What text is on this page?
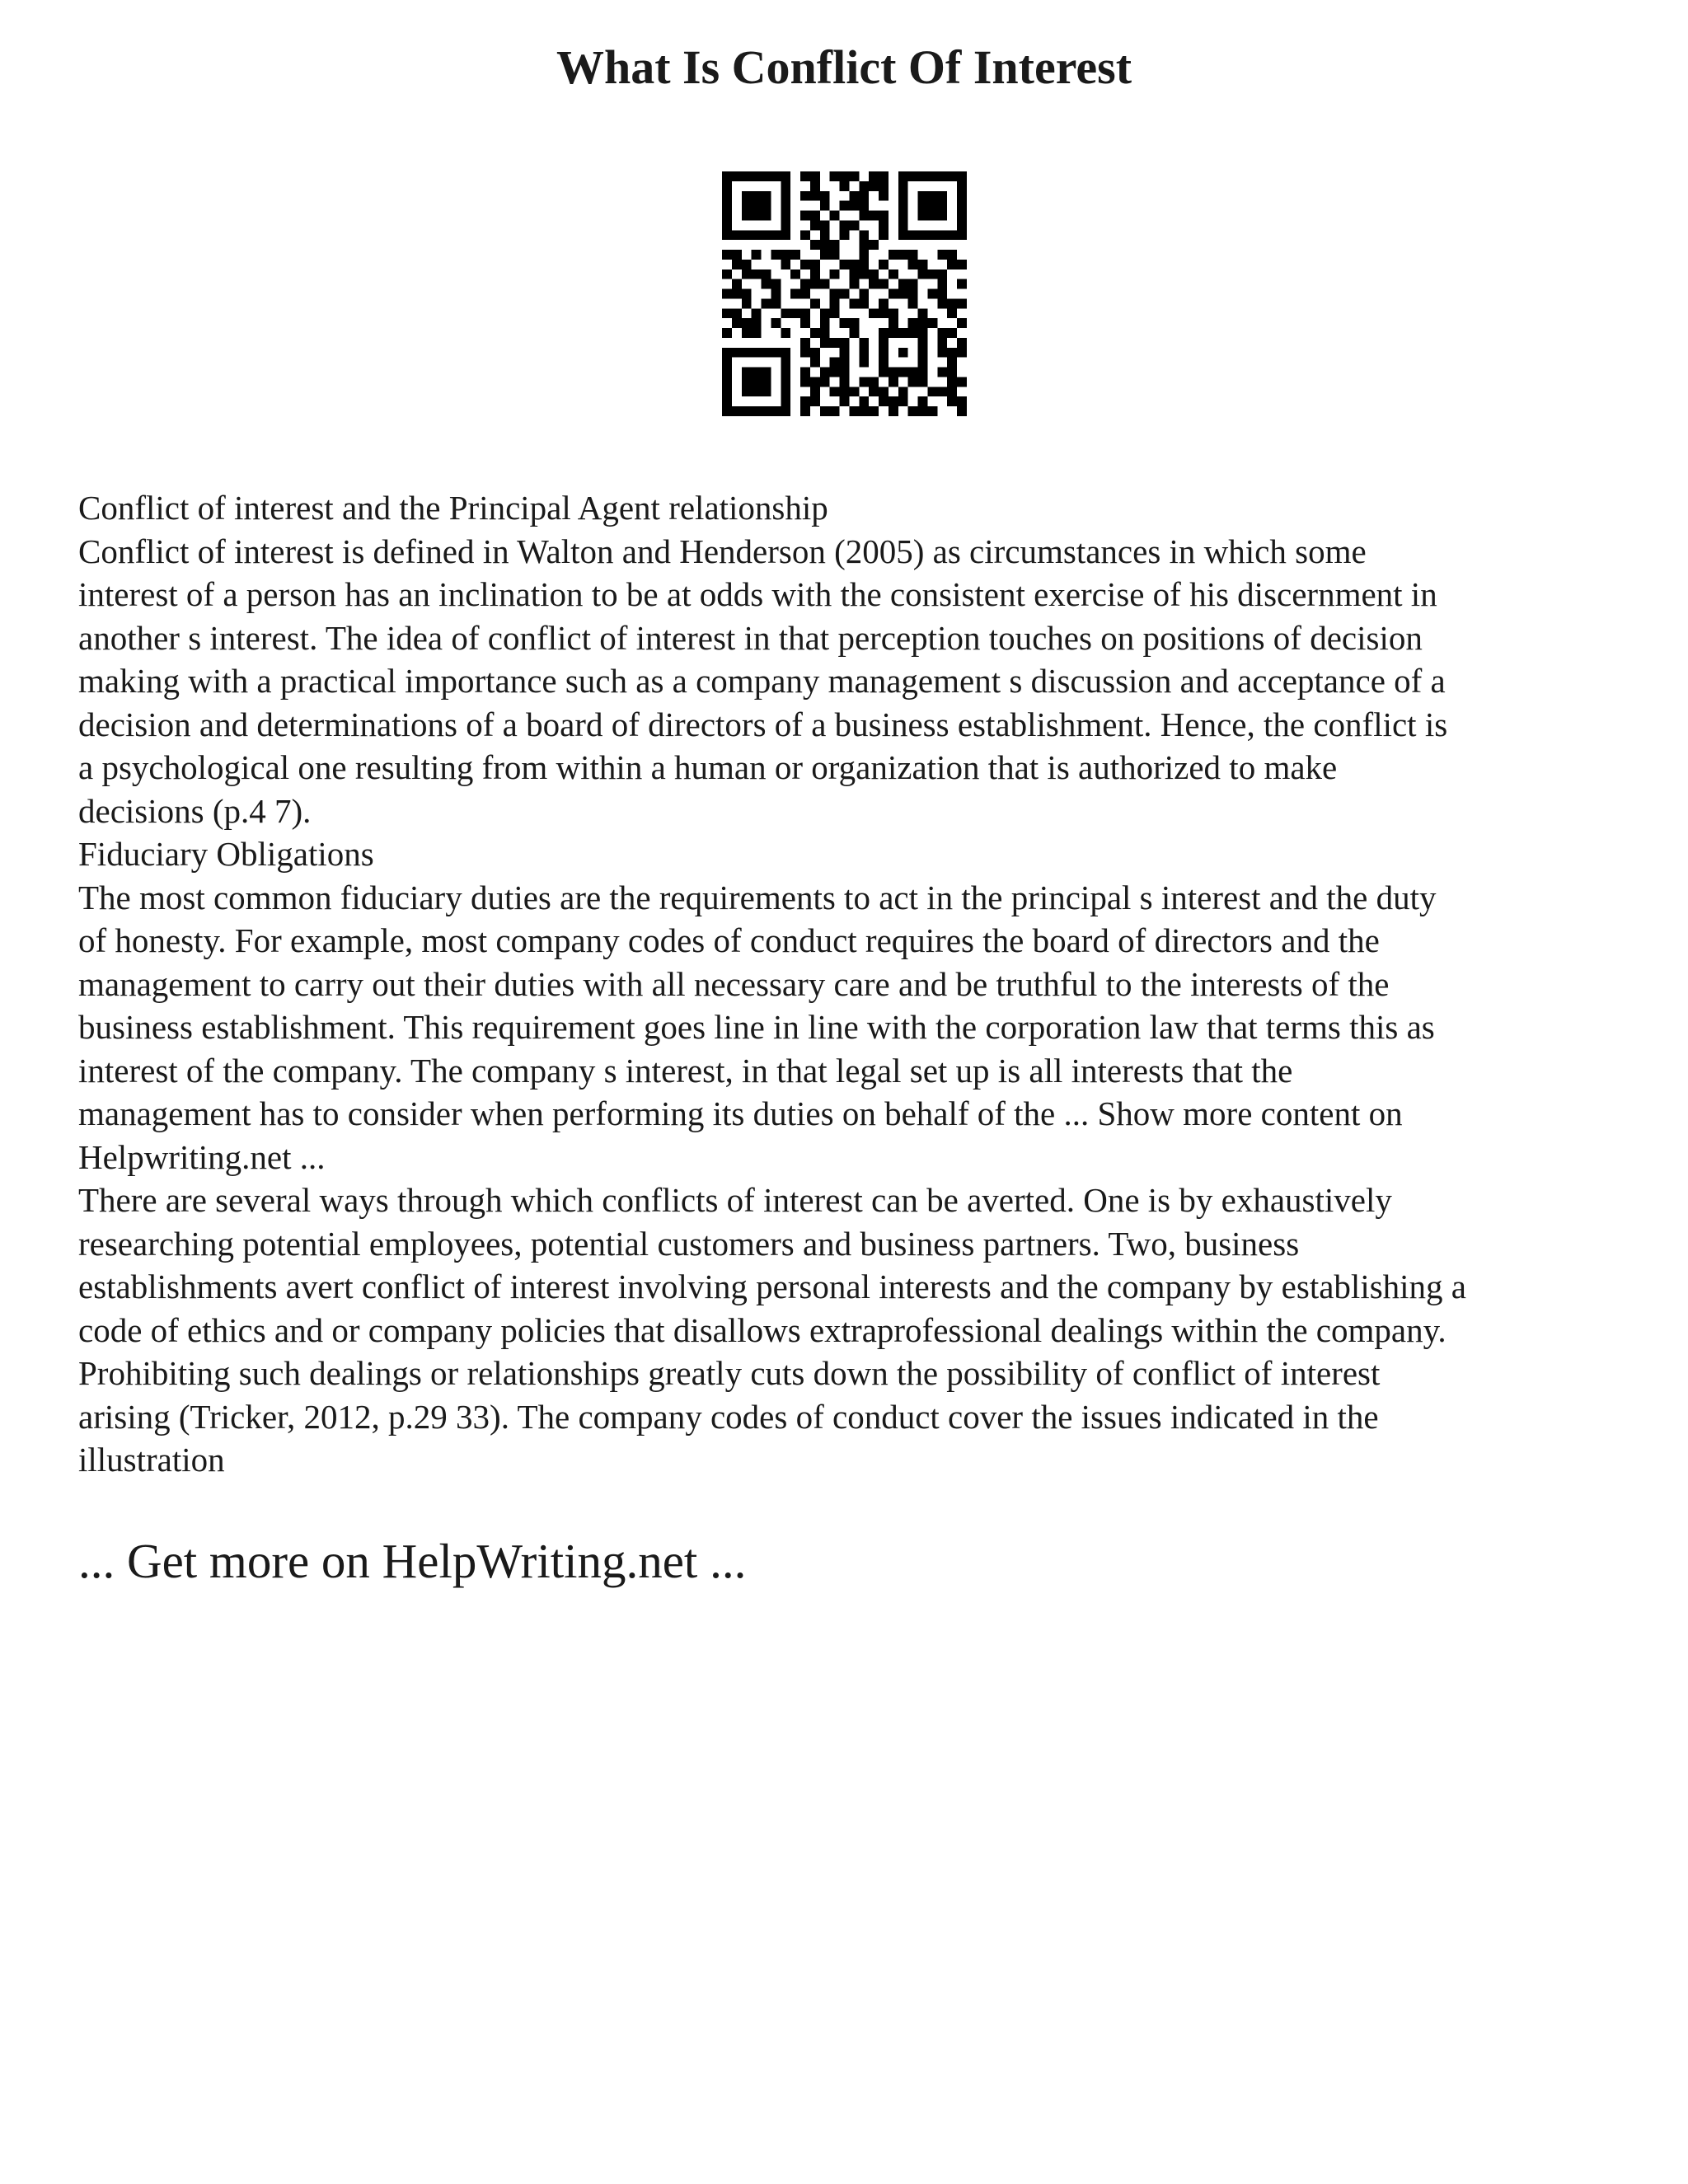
What Is Conflict Of Interest
Conflict of interest and the Principal Agent relationship
Conflict of interest is defined in Walton and Henderson (2005) as circumstances in which some
interest of a person has an inclination to be at odds with the consistent exercise of his discernment in
another s interest. The idea of conflict of interest in that perception touches on positions of decision
making with a practical importance such as a company management s discussion and acceptance of a
decision and determinations of a board of directors of a business establishment. Hence, the conflict is
a psychological one resulting from within a human or organization that is authorized to make
decisions (p.4 7).
Fiduciary Obligations
The most common fiduciary duties are the requirements to act in the principal s interest and the duty
of honesty. For example, most company codes of conduct requires the board of directors and the
management to carry out their duties with all necessary care and be truthful to the interests of the
business establishment. This requirement goes line in line with the corporation law that terms this as
interest of the company. The company s interest, in that legal set up is all interests that the
management has to consider when performing its duties on behalf of the ... Show more content on
Helpwriting.net ...
There are several ways through which conflicts of interest can be averted. One is by exhaustively
researching potential employees, potential customers and business partners. Two, business
establishments avert conflict of interest involving personal interests and the company by establishing a
code of ethics and or company policies that disallows extraprofessional dealings within the company.
Prohibiting such dealings or relationships greatly cuts down the possibility of conflict of interest
arising (Tricker, 2012, p.29 33). The company codes of conduct cover the issues indicated in the
illustration
... Get more on HelpWriting.net ...
